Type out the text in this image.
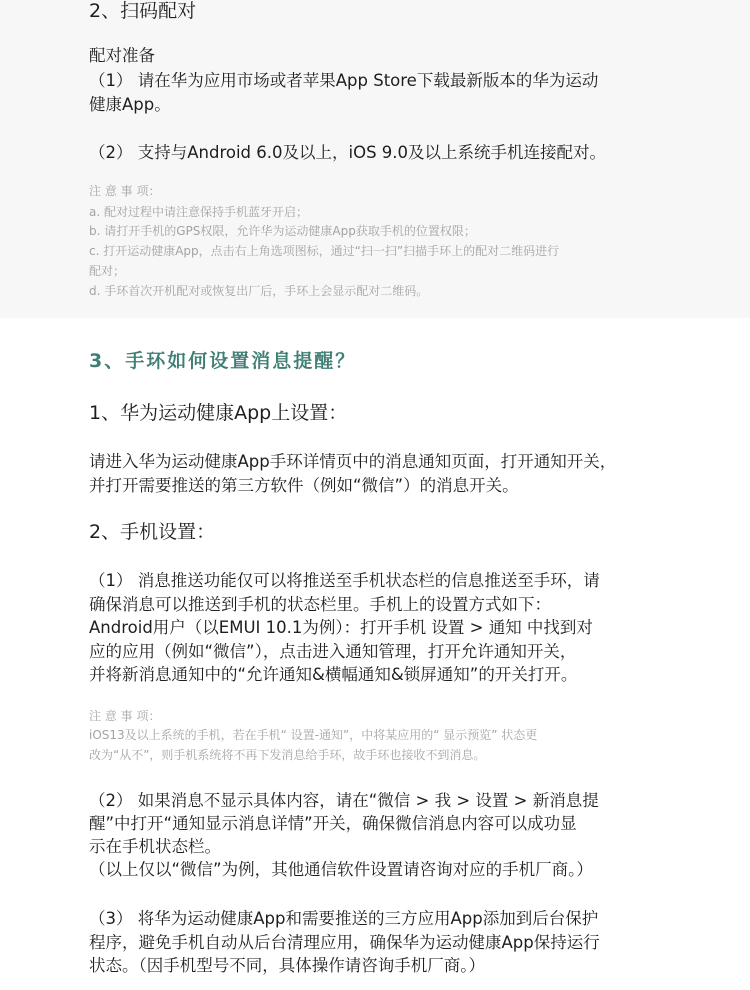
2、扫码配对
配对准备
（1） 请在华为应用市场或者苹果App Store下载最新版本的华为运动
健康App。
（2） 支持与Android 6.0及以上，iOS 9.0及以上系统手机连接配对。
注 意 事 项：
a. 配对过程中请注意保持手机蓝牙开启；
b. 请打开手机的GPS权限，允许华为运动健康App获取手机的位置权限；
c. 打开运动健康App，点击右上角选项图标，通过“扫一扫”扫描手环上的配对二维码进行
配对；
d. 手环首次开机配对或恢复出厂后，手环上会显示配对二维码。
3、手环如何设置消息提醒？
1、华为运动健康App上设置：
请进入华为运动健康App手环详情页中的消息通知页面，打开通知开关，
并打开需要推送的第三方软件（例如“微信”）的消息开关。
2、手机设置：
（1） 消息推送功能仅可以将推送至手机状态栏的信息推送至手环，请
确保消息可以推送到手机的状态栏里。手机上的设置方式如下：
Android用户（以EMUI 10.1为例）：打开手机 设置 > 通知 中找到对
应的应用（例如“微信”），点击进入通知管理，打开允许通知开关，
并将新消息通知中的“允许通知&横幅通知&锁屏通知”的开关打开。
注 意 事 项：
iOS13及以上系统的手机，若在手机“ 设置-通知”，中将某应用的“ 显示预览” 状态更
改为“从不”，则手机系统将不再下发消息给手环，故手环也接收不到消息。
（2） 如果消息不显示具体内容，请在“微信 > 我 > 设置 > 新消息提
醒”中打开“通知显示消息详情”开关，确保微信消息内容可以成功显
示在手机状态栏。
（以上仅以“微信”为例，其他通信软件设置请咨询对应的手机厂商。）
（3） 将华为运动健康App和需要推送的三方应用App添加到后台保护
程序，避免手机自动从后台清理应用，确保华为运动健康App保持运行
状态。（因手机型号不同，具体操作请咨询手机厂商。）
